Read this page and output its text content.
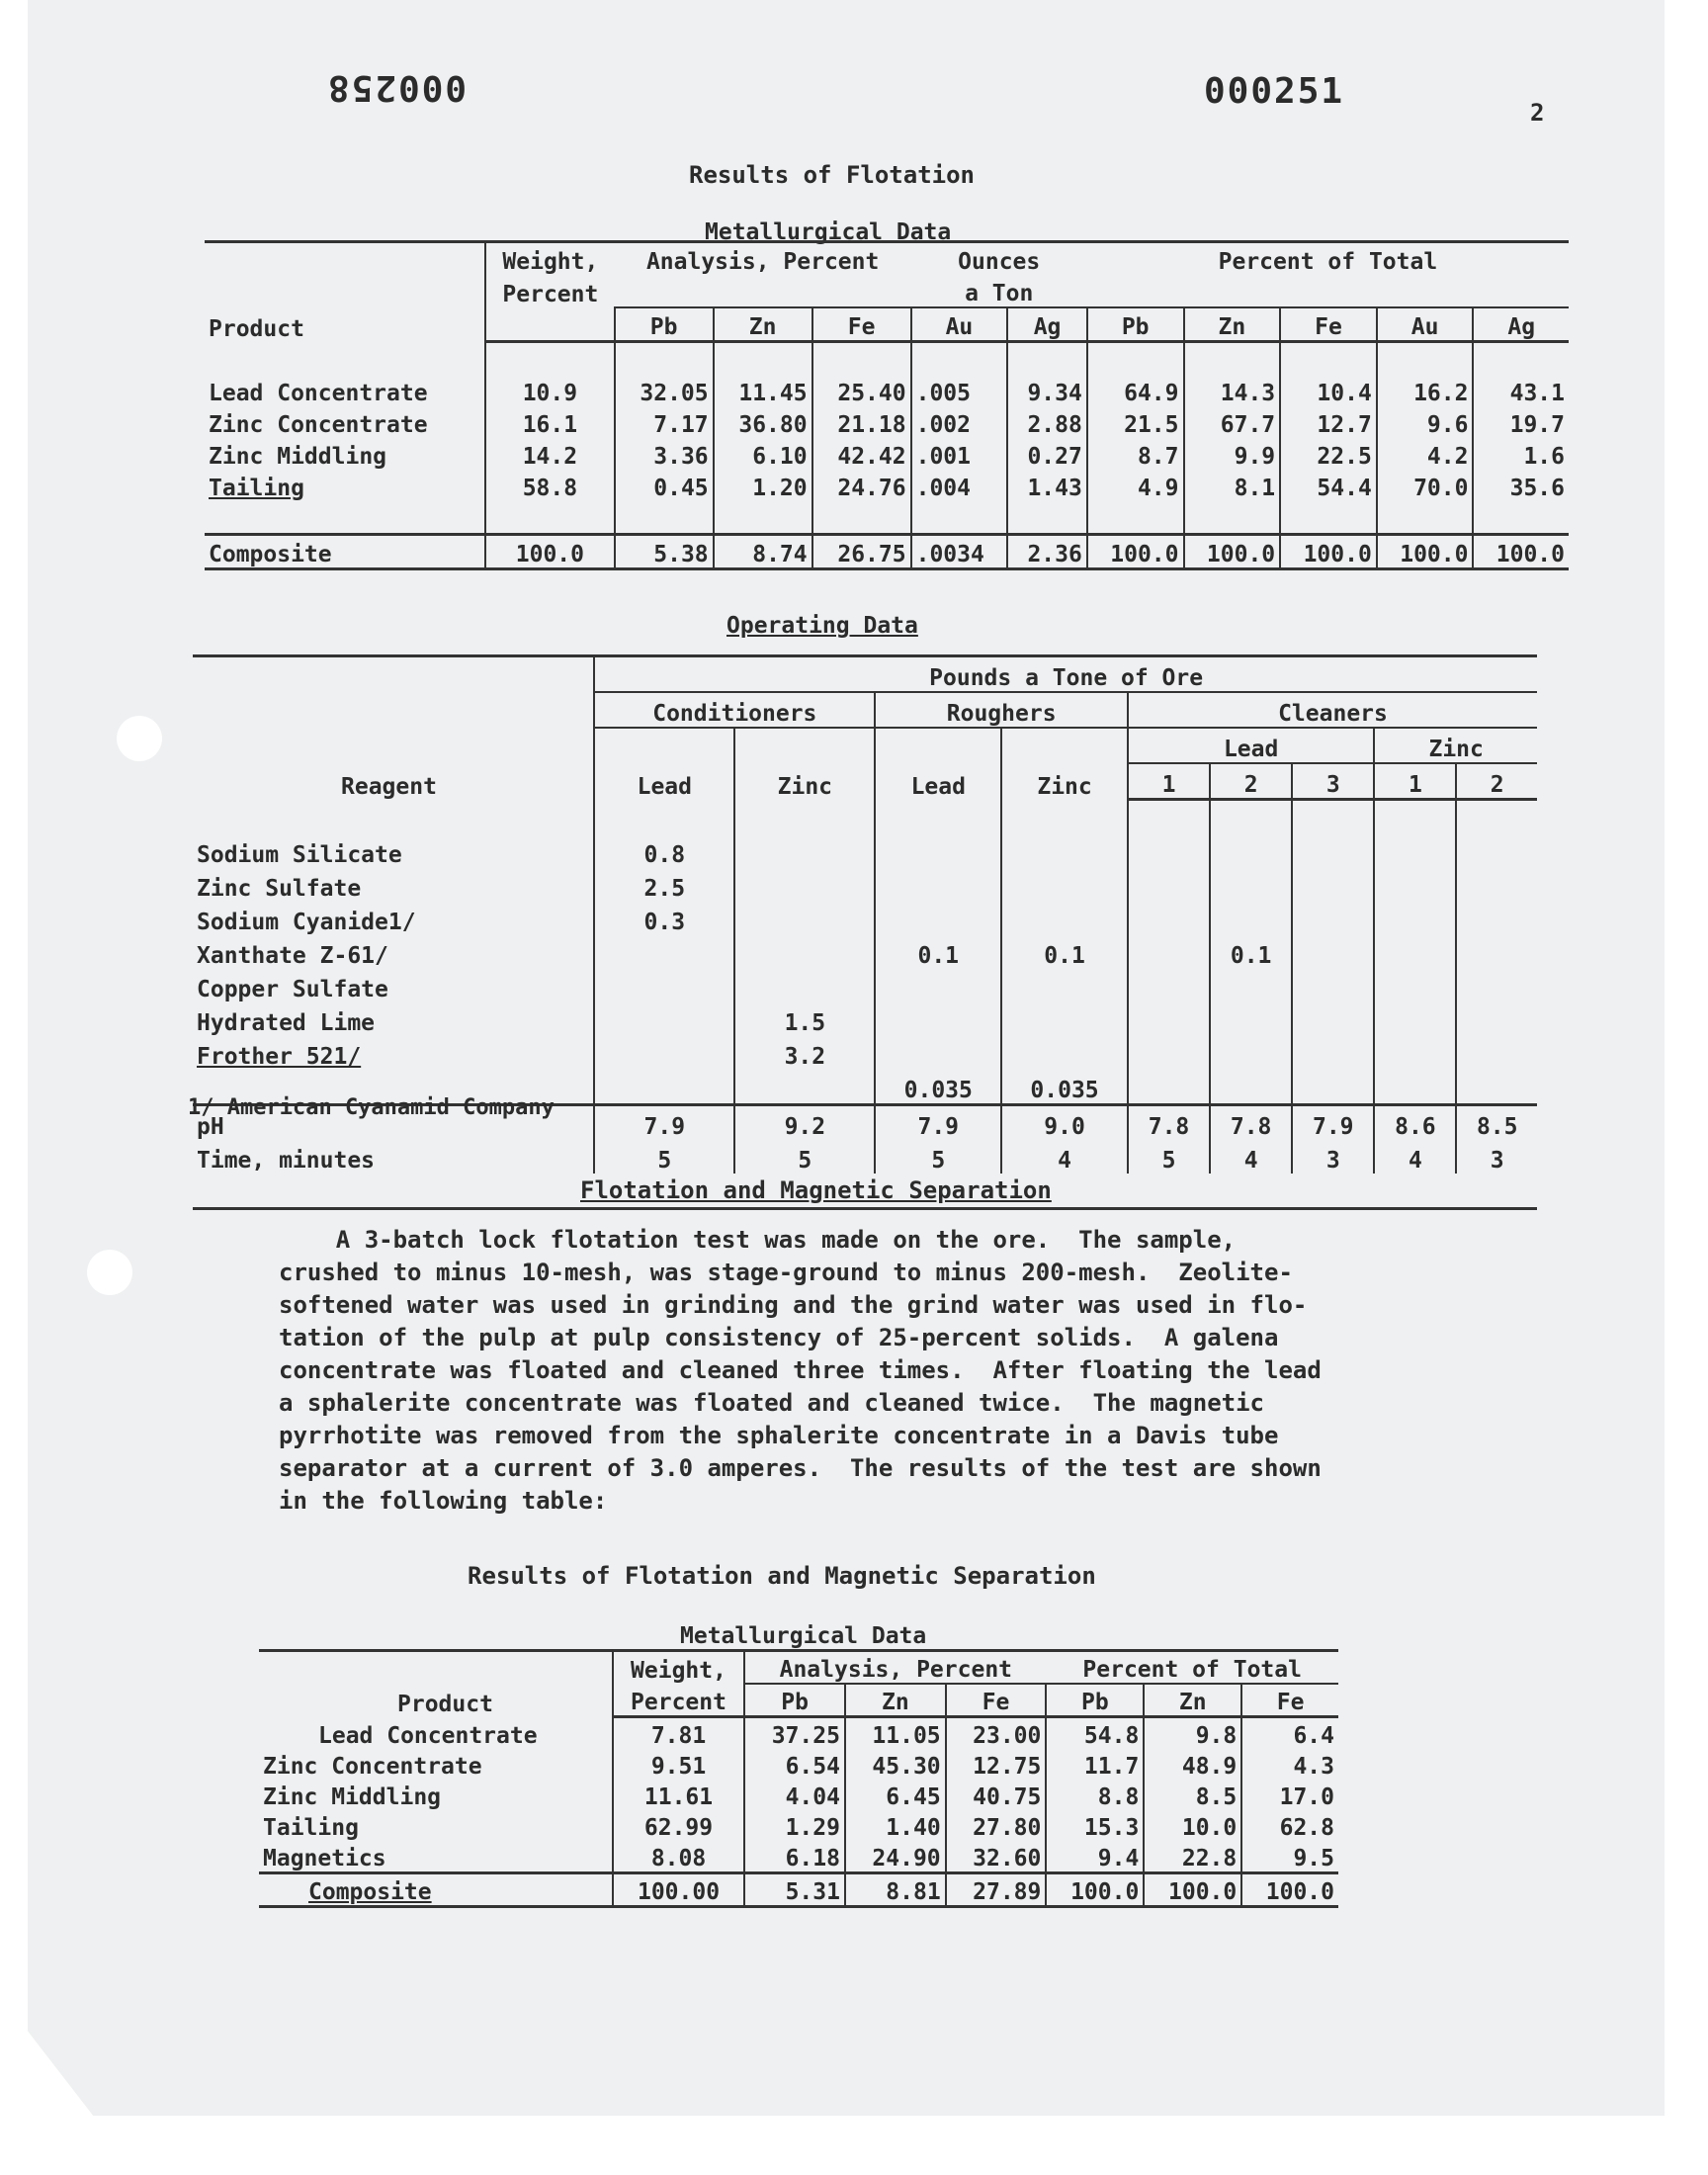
000258	000251
2
Results of Flotation
Metallurgical Data
Product	Weight,	Analysis, Percent			Ounces		Percent of Total				
	Percent				a Ton						
		Pb	Zn	Fe	Au	Ag	Pb	Zn	Fe	Au	Ag

Lead Concentrate	10.9	32.05	11.45	25.40	.005	9.34	64.9	14.3	10.4	16.2	43.1
Zinc Concentrate	16.1	7.17	36.80	21.18	.002	2.88	21.5	67.7	12.7	9.6	19.7
Zinc Middling	14.2	3.36	6.10	42.42	.001	0.27	8.7	9.9	22.5	4.2	1.6
Tailing	58.8	0.45	1.20	24.76	.004	1.43	4.9	8.1	54.4	70.0	35.6

Composite	100.0	5.38	8.74	26.75	.0034	2.36	100.0	100.0	100.0	100.0	100.0
Operating Data
Reagent	Pounds a Tone of Ore								
	Conditioners		Roughers		Cleaners				
	Lead	Zinc	Lead	Zinc	Lead			Zinc	
					1	2	3	1	2

Sodium Silicate	0.8								
Zinc Sulfate	2.5								
Sodium Cyanide1/	0.3								
Xanthate Z-61/			0.1	0.1		0.1			
Copper Sulfate									
Hydrated Lime		1.5							
Frother 521/		3.2							
			0.035	0.035					
pH	7.9	9.2	7.9	9.0	7.8	7.8	7.9	8.6	8.5
Time, minutes	5	5	5	4	5	4	3	4	3

1/ American Cyanamid Company
Flotation and Magnetic Separation
A 3-batch lock flotation test was made on the ore.  The sample,
crushed to minus 10-mesh, was stage-ground to minus 200-mesh.  Zeolite-
softened water was used in grinding and the grind water was used in flo-
tation of the pulp at pulp consistency of 25-percent solids.  A galena
concentrate was floated and cleaned three times.  After floating the lead
a sphalerite concentrate was floated and cleaned twice.  The magnetic
pyrrhotite was removed from the sphalerite concentrate in a Davis tube
separator at a current of 3.0 amperes.  The results of the test are shown
in the following table:
Results of Flotation and Magnetic Separation
Metallurgical Data
Product	Weight,	Analysis, Percent			Percent of Total		
	Percent	Pb	Zn	Fe	Pb	Zn	Fe
Lead Concentrate	7.81	37.25	11.05	23.00	54.8	9.8	6.4
Zinc Concentrate	9.51	6.54	45.30	12.75	11.7	48.9	4.3
Zinc Middling	11.61	4.04	6.45	40.75	8.8	8.5	17.0
Tailing	62.99	1.29	1.40	27.80	15.3	10.0	62.8
Magnetics	8.08	6.18	24.90	32.60	9.4	22.8	9.5
Composite	100.00	5.31	8.81	27.89	100.0	100.0	100.0
